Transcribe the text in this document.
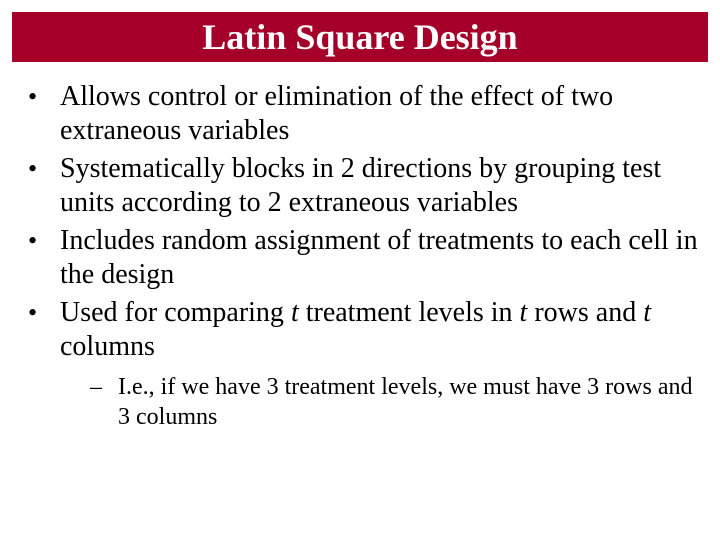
Latin Square Design
• Allows control or elimination of the effect of two extraneous variables
• Systematically blocks in 2 directions by grouping test units according to 2 extraneous variables
• Includes random assignment of treatments to each cell in the design
• Used for comparing t treatment levels in t rows and t columns
– I.e., if we have 3 treatment levels, we must have 3 rows and 3 columns
